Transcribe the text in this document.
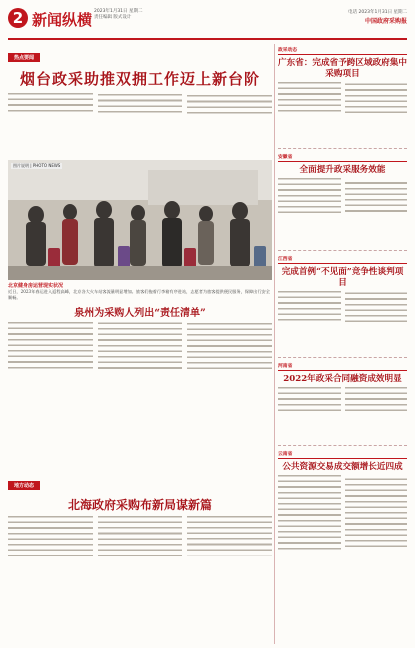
2 新闻纵横 2023年1月31日 星期二
责任编辑 版式设计
电话 2023年1月31日 星期二
中国政府采购报
热点要闻
烟台政采助推双拥工作迈上新台阶
图片说明 | PHOTO NEWS
北京健身房运营现实状况
近日，2023年春运进入返程高峰，北京各大火车站客流量明显增加。旅客们拖着行李箱有序进站，志愿者为旅客提供便民服务，保障出行安全顺畅。
泉州为采购人列出“责任清单”
地方动态
北海政府采购布新局谋新篇
政采动态
广东省：完成省予跨区域政府集中采购项目
安徽省
全面提升政采服务效能
江西省
完成首例“不见面”竞争性谈判项目
河南省
2022年政采合同融资成效明显
云南省
公共资源交易成交额增长近四成
